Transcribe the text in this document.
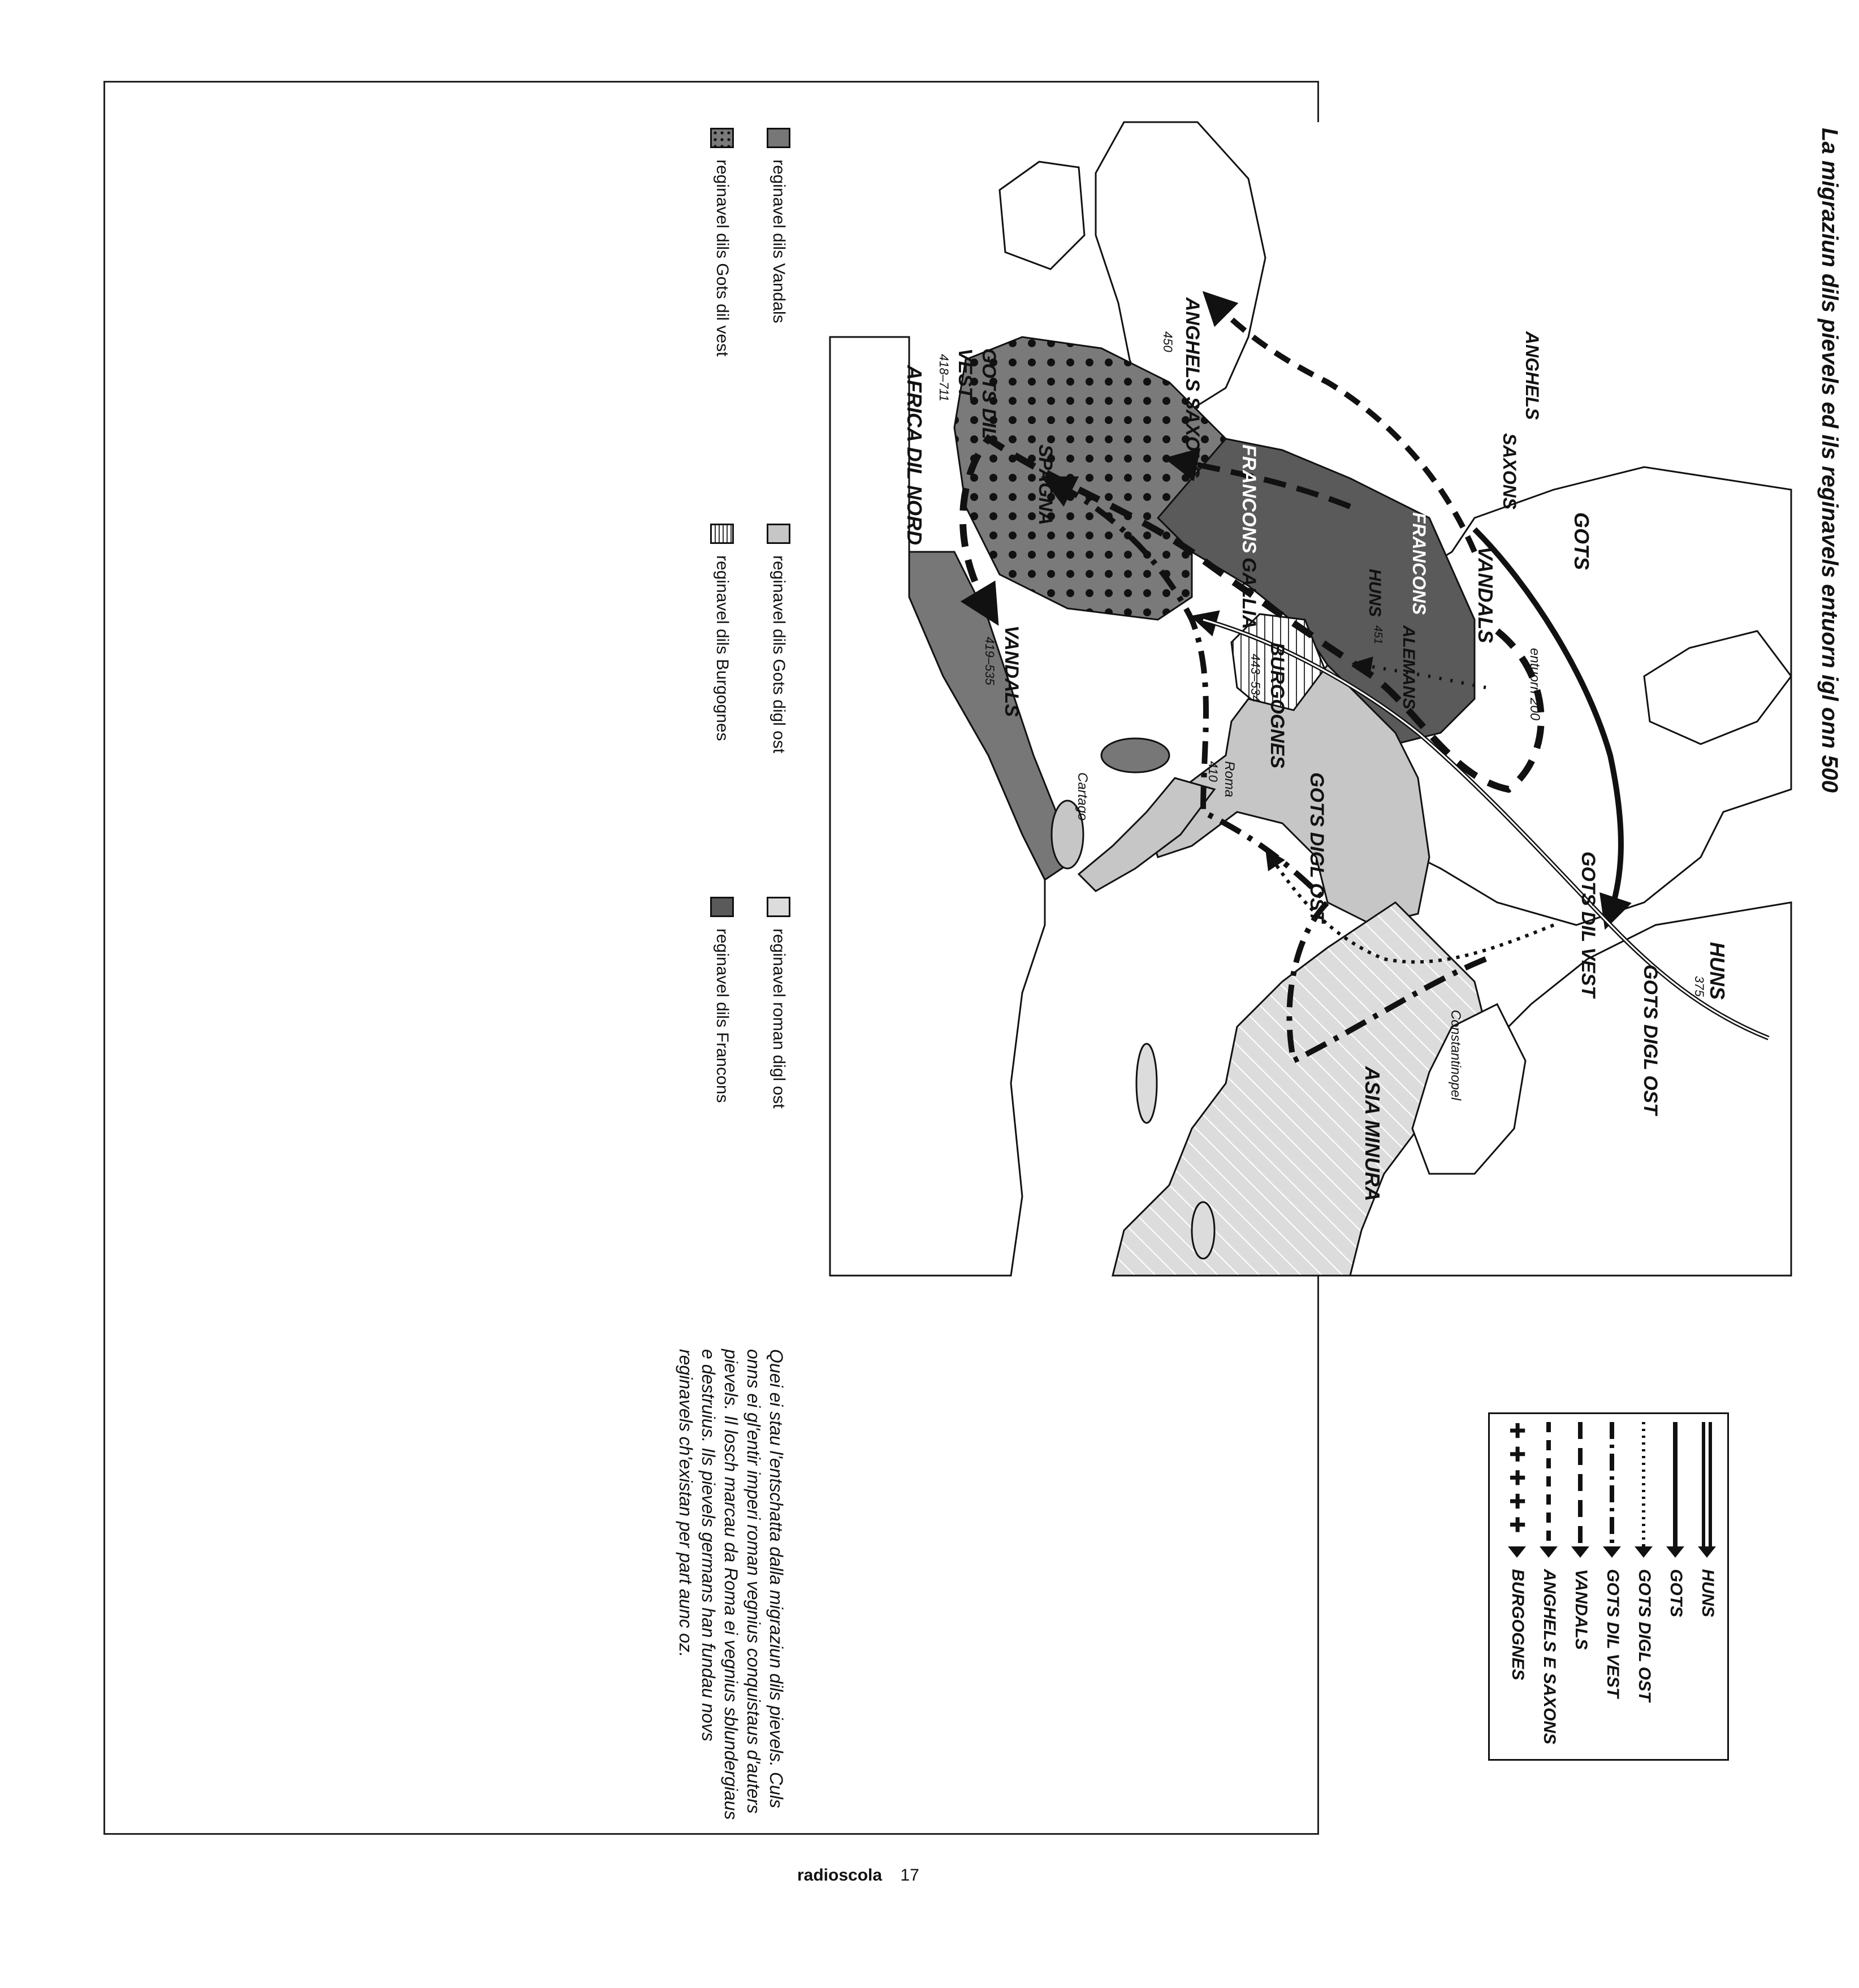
La migraziun dils pievels ed ils reginavels entuorn igl onn 500
GOTS
VANDALS
entuorn 200
HUNS
375
GOTS DIGL OST
GOTS DIL VEST
ASIA MINURA
Constantinopel
ANGHELS
SAXONS
FRANCONS
HUNS
451 ALEMANS
GOTS DIGL OST
Roma
410
Cartago
BURGOGNES
443–534
ANGHELS SAXONS
450
FRANCONS
GALLIA
VANDALS
419–535
AFRICA DIL NORD	SPAGNA
GOTS DIL
VEST
418–711
HUNS
GOTS
GOTS DIGL OST
GOTS DIL VEST
VANDALS
ANGHELS E SAXONS
✚ ✚ ✚ ✚ ✚
BURGOGNES
reginavel dils Vandals
reginavel dils Gots dil vest
reginavel dils Gots digl ost
reginavel dils Burgognes
reginavel roman digl ost
reginavel dils Francons
Quei ei stau l'entschatta dalla migraziun dils pievels. Culs onns ei gl'entir imperi roman vegnius conquistaus d'auters pievels. Il losch marcau da Roma ei vegnius sblundergiaus e destruius. Ils pievels germans han fundau novs reginavels ch'existan per part aunc oz.
radioscola 17
